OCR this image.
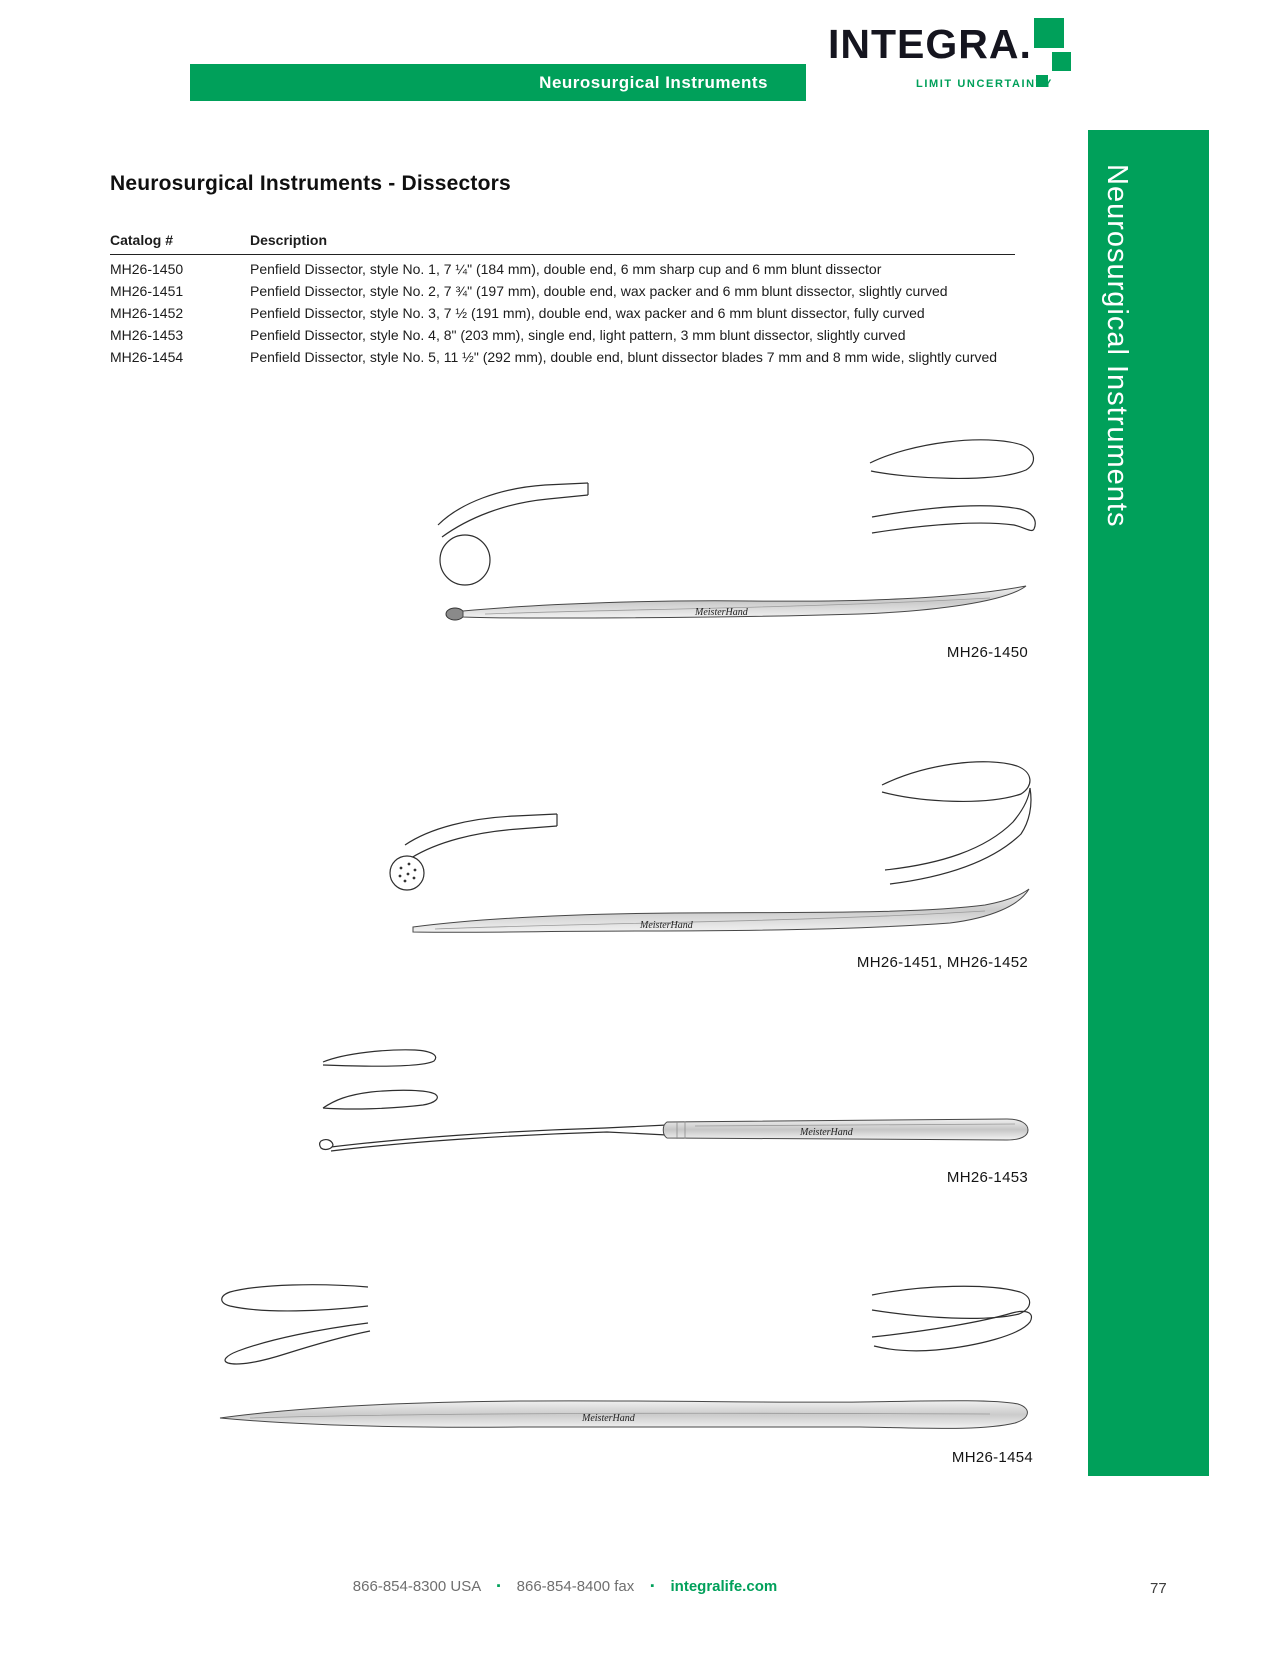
Neurosurgical Instruments
INTEGRA.
LIMIT UNCERTAINTY
Neurosurgical Instruments
Neurosurgical Instruments - Dissectors
Catalog #	Description
MH26-1450	Penfield Dissector, style No. 1, 7 ¼" (184 mm), double end, 6 mm sharp cup and 6 mm blunt dissector
MH26-1451	Penfield Dissector, style No. 2, 7 ¾" (197 mm), double end, wax packer and 6 mm blunt dissector, slightly curved
MH26-1452	Penfield Dissector, style No. 3, 7 ½ (191 mm), double end, wax packer and 6 mm blunt dissector, fully curved
MH26-1453	Penfield Dissector, style No. 4, 8" (203 mm), single end, light pattern, 3 mm blunt dissector, slightly curved
MH26-1454	Penfield Dissector, style No. 5, 11 ½" (292 mm), double end, blunt dissector blades 7 mm and 8 mm wide, slightly curved
MeisterHand
MH26-1450
MeisterHand
MH26-1451, MH26-1452
MeisterHand
MH26-1453
MeisterHand
MH26-1454
866-854-8300 USA ▪ 866-854-8400 fax ▪ integralife.com	77
